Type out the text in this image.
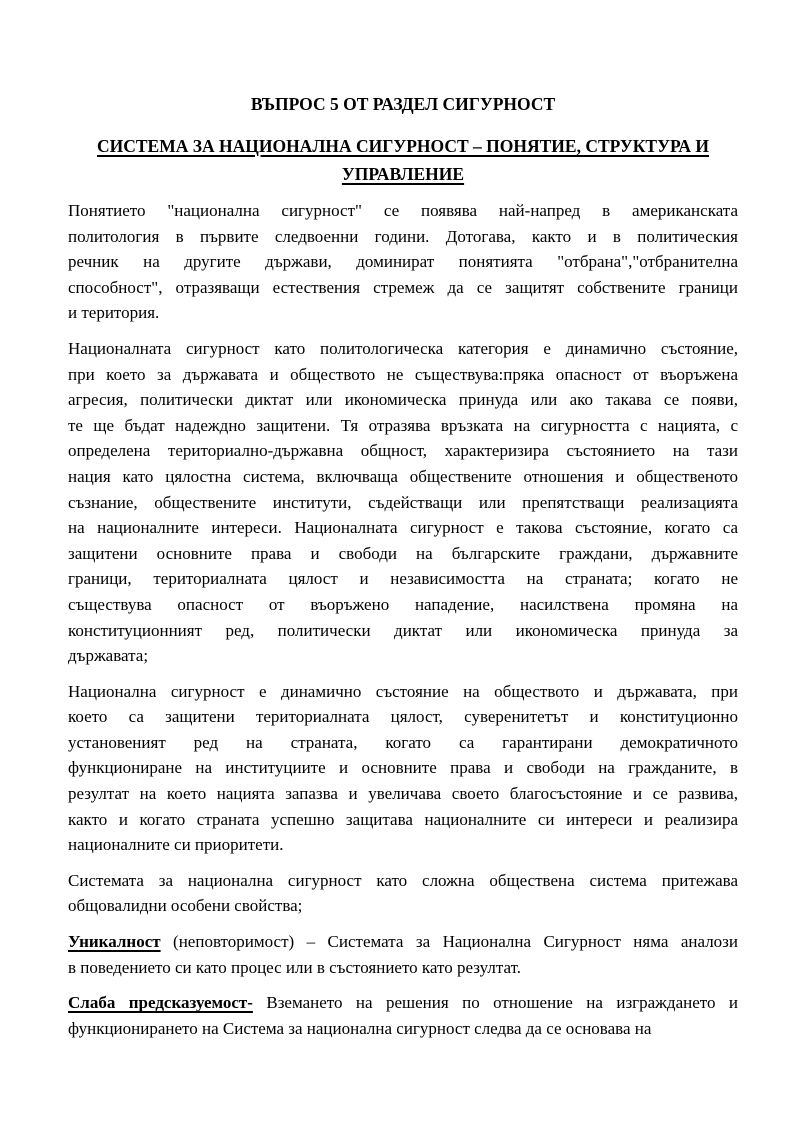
ВЪПРОС 5 ОТ РАЗДЕЛ СИГУРНОСТ
СИСТЕМА ЗА НАЦИОНАЛНА СИГУРНОСТ – ПОНЯТИЕ, СТРУКТУРА И
УПРАВЛЕНИЕ
Понятието "национална сигурност" се появява най-напред в американската
политология в първите следвоенни години. Дотогава, както и в политическия
речник на другите държави, доминират понятията "отбрана","отбранителна
способност", отразяващи естествения стремеж да се защитят собствените граници
и територия.
Националната сигурност като политологическа категория е динамично състояние,
при което за държавата и обществото не съществува:пряка опасност от въоръжена
агресия, политически диктат или икономическа принуда или ако такава се появи,
те ще бъдат надеждно защитени. Тя отразява връзката на сигурността с нацията, с
определена териториално-държавна общност, характеризира състоянието на тази
нация като цялостна система, включваща обществените отношения и общественото
съзнание, обществените институти, съдействащи или препятстващи реализацията
на националните интереси. Националната сигурност е такова състояние, когато са
защитени основните права и свободи на българските граждани, държавните
граници, териториалната цялост и независимостта на страната; когато не
съществува опасност от въоръжено нападение, насилствена промяна на
конституционният ред, политически диктат или икономическа принуда за
държавата;
Национална сигурност е динамично състояние на обществото и държавата, при
което са защитени териториалната цялост, суверенитетът и конституционно
установеният ред на страната, когато са гарантирани демократичното
функциониране на институциите и основните права и свободи на гражданите, в
резултат на което нацията запазва и увеличава своето благосъстояние и се развива,
както и когато страната успешно защитава националните си интереси и реализира
националните си приоритети.
Системата за национална сигурност като сложна обществена система притежава
общовалидни особени свойства;
Уникалност (неповторимост) – Системата за Национална Сигурност няма аналози
в поведението си като процес или в състоянието като резултат.
Слаба предсказуемост- Вземането на решения по отношение на изграждането и
функционирането на Система за национална сигурност следва да се основава на
